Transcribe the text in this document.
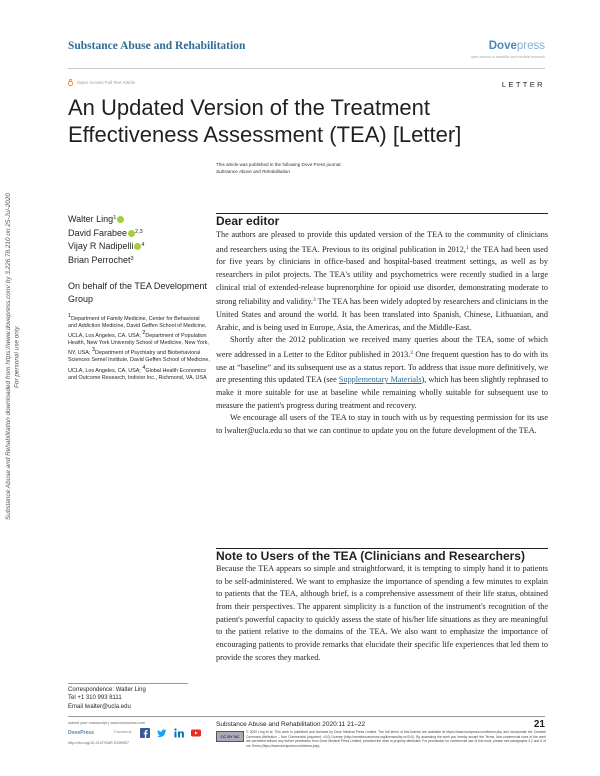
Substance Abuse and Rehabilitation	Dovepress
open access to scientific and medical research
Open Access Full Text Article	LETTER
An Updated Version of the Treatment Effectiveness Assessment (TEA) [Letter]
This article was published in the following Dove Press journal:
Substance Abuse and Rehabilitation
Substance Abuse and Rehabilitation downloaded from https://www.dovepress.com/ by 3.226.78.210 on 25-Jul-2020 For personal use only.
Walter Ling$^1$
David Farabee $^{2,3}$
Vijay R Nadipelli $^4$
Brian Perrochet$^3$
On behalf of the TEA Development Group
1Department of Family Medicine, Center for Behavioral and Addiction Medicine, David Geffen School of Medicine, UCLA, Los Angeles, CA, USA; 2Department of Population Health, New York University School of Medicine, New York, NY, USA; 3Department of Psychiatry and Biobehavioral Sciences Semel Institute, David Geffen School of Medicine, UCLA, Los Angeles, CA, USA; 4Global Health Economics and Outcome Research, Indivior Inc., Richmond, VA, USA
Dear editor

The authors are pleased to provide this updated version of the TEA to the community of clinicians and researchers using the TEA. Previous to its original publication in 2012,$^1$ the TEA had been used for five years by clinicians in office-based and hospital-based treatment settings, as well as by researchers in pilot projects. The TEA's utility and psychometrics were recently studied in a large clinical trial of extended-release buprenorphine for opioid use disorder, demonstrating moderate to strong reliability and validity.$^3$ The TEA has been widely adopted by researchers and clinicians in the United States and around the world. It has been translated into Spanish, Chinese, Lithuanian, and Arabic, and is being used in Europe, Asia, the Americas, and the Middle-East.

Shortly after the 2012 publication we received many queries about the TEA, some of which were addressed in a Letter to the Editor published in 2013.$^2$ One frequent question has to do with its use at “baseline” and its subsequent use as a status report. To address that issue more definitively, we are presenting this updated TEA (see Supplementary Materials), which has been slightly rephrased to make it more suitable for use at baseline while remaining wholly suitable for subsequent use to measure the patient's progress during treatment and recovery.

We encourage all users of the TEA to stay in touch with us by requesting permission for its use to lwalter@ucla.edu so that we can continue to update you on the future development of the TEA.

Note to Users of the TEA (Clinicians and Researchers)

Because the TEA appears so simple and straightforward, it is tempting to simply hand it to patients to be self-administered. We want to emphasize the importance of spending a few minutes to explain to patients that the TEA, although brief, is a comprehensive assessment of their life status, obtained from their perspectives. The apparent simplicity is a function of the instrument's recognition of the patient's powerful capacity to quickly assess the state of his/her life situations as they are meaningful to the patient relative to the domains of the TEA. We also want to emphasize the importance of encouraging patients to provide remarks that elucidate their specific life experiences that led them to provide the scores they marked.

Correspondence: Walter Ling
Tel +1 310 993 8111
Email lwalter@ucla.edu
submit your manuscript | www.dovepress.com
DovePress	Facebook
http://doi.org/10.2147/SAR.S259907
Substance Abuse and Rehabilitation 2020:11 21–22	21
CC BY NC
© 2020 Ling et al. This work is published and licensed by Dove Medical Press Limited. The full terms of this license are available at https://www.dovepress.com/terms.php and incorporate the Creative Commons Attribution – Non Commercial (unported, v3.0) License (http://creativecommons.org/licenses/by-nc/3.0/). By accessing the work you hereby accept the Terms. Non-commercial uses of the work are permitted without any further permission from Dove Medical Press Limited, provided the work is properly attributed. For permission for commercial use of this work, please see paragraphs 4.2 and 5 of our Terms (https://www.dovepress.com/terms.php).
